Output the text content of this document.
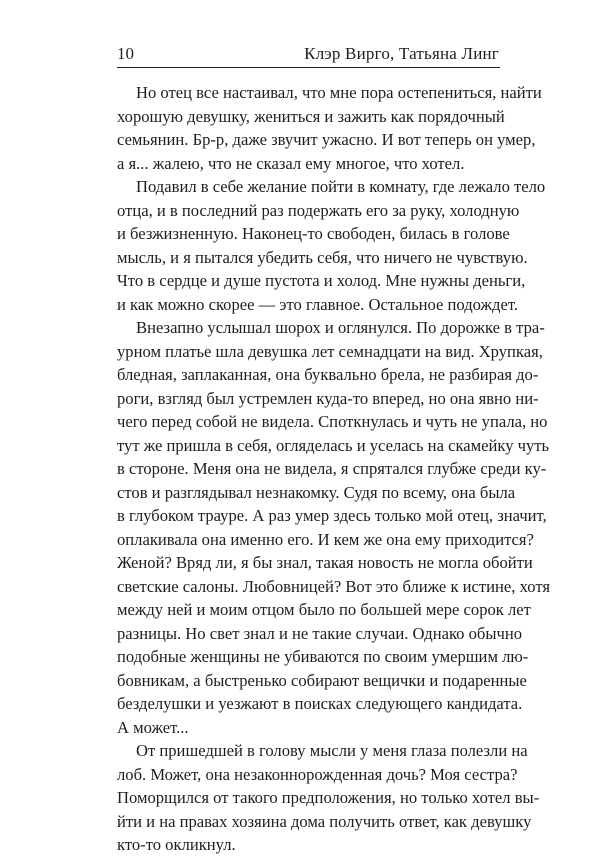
10	Клэр Вирго, Татьяна Линг
Но отец все настаивал, что мне пора остепениться, найти
хорошую девушку, жениться и зажить как порядочный
семьянин. Бр-р, даже звучит ужасно. И вот теперь он умер,
а я... жалею, что не сказал ему многое, что хотел.
Подавил в себе желание пойти в комнату, где лежало тело
отца, и в последний раз подержать его за руку, холодную
и безжизненную. Наконец-то свободен, билась в голове
мысль, и я пытался убедить себя, что ничего не чувствую.
Что в сердце и душе пустота и холод. Мне нужны деньги,
и как можно скорее — это главное. Остальное подождет.
Внезапно услышал шорох и оглянулся. По дорожке в тра-
урном платье шла девушка лет семнадцати на вид. Хрупкая,
бледная, заплаканная, она буквально брела, не разбирая до-
роги, взгляд был устремлен куда-то вперед, но она явно ни-
чего перед собой не видела. Споткнулась и чуть не упала, но
тут же пришла в себя, огляделась и уселась на скамейку чуть
в стороне. Меня она не видела, я спрятался глубже среди ку-
стов и разглядывал незнакомку. Судя по всему, она была
в глубоком трауре. А раз умер здесь только мой отец, значит,
оплакивала она именно его. И кем же она ему приходится?
Женой? Вряд ли, я бы знал, такая новость не могла обойти
светские салоны. Любовницей? Вот это ближе к истине, хотя
между ней и моим отцом было по большей мере сорок лет
разницы. Но свет знал и не такие случаи. Однако обычно
подобные женщины не убиваются по своим умершим лю-
бовникам, а быстренько собирают вещички и подаренные
безделушки и уезжают в поисках следующего кандидата.
А может...
От пришедшей в голову мысли у меня глаза полезли на
лоб. Может, она незаконнорожденная дочь? Моя сестра?
Поморщился от такого предположения, но только хотел вы-
йти и на правах хозяина дома получить ответ, как девушку
кто-то окликнул.
